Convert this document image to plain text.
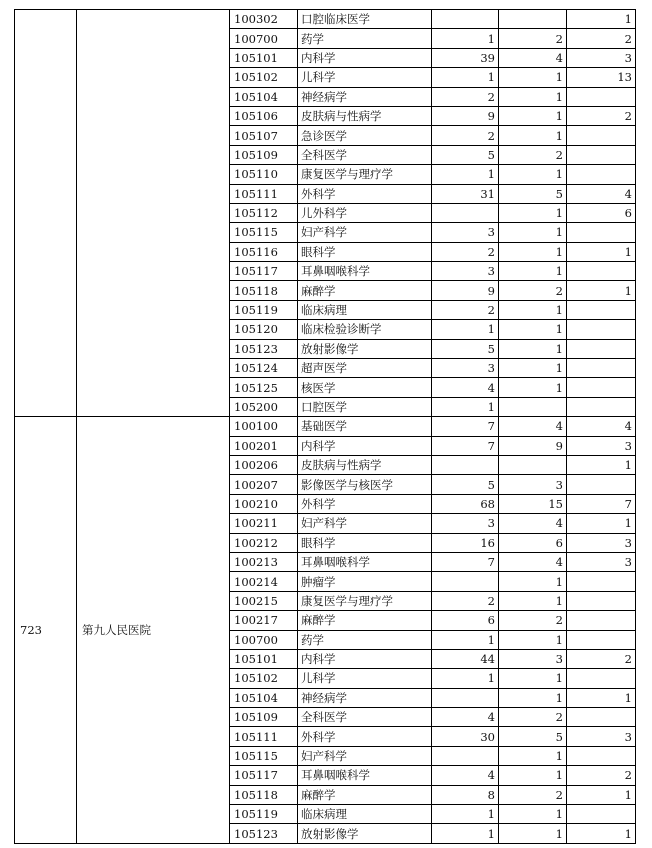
		100302	口腔临床医学			1
		100700	药学	1	2	2
		105101	内科学	39	4	3
		105102	儿科学	1	1	13
		105104	神经病学	2	1	
		105106	皮肤病与性病学	9	1	2
		105107	急诊医学	2	1	
		105109	全科医学	5	2	
		105110	康复医学与理疗学	1	1	
		105111	外科学	31	5	4
		105112	儿外科学		1	6
		105115	妇产科学	3	1	
		105116	眼科学	2	1	1
		105117	耳鼻咽喉科学	3	1	
		105118	麻醉学	9	2	1
		105119	临床病理	2	1	
		105120	临床检验诊断学	1	1	
		105123	放射影像学	5	1	
		105124	超声医学	3	1	
		105125	核医学	4	1	
		105200	口腔医学	1		
723	第九人民医院	100100	基础医学	7	4	4
		100201	内科学	7	9	3
		100206	皮肤病与性病学			1
		100207	影像医学与核医学	5	3	
		100210	外科学	68	15	7
		100211	妇产科学	3	4	1
		100212	眼科学	16	6	3
		100213	耳鼻咽喉科学	7	4	3
		100214	肿瘤学		1	
		100215	康复医学与理疗学	2	1	
		100217	麻醉学	6	2	
		100700	药学	1	1	
		105101	内科学	44	3	2
		105102	儿科学	1	1	
		105104	神经病学		1	1
		105109	全科医学	4	2	
		105111	外科学	30	5	3
		105115	妇产科学		1	
		105117	耳鼻咽喉科学	4	1	2
		105118	麻醉学	8	2	1
		105119	临床病理	1	1	
		105123	放射影像学	1	1	1
